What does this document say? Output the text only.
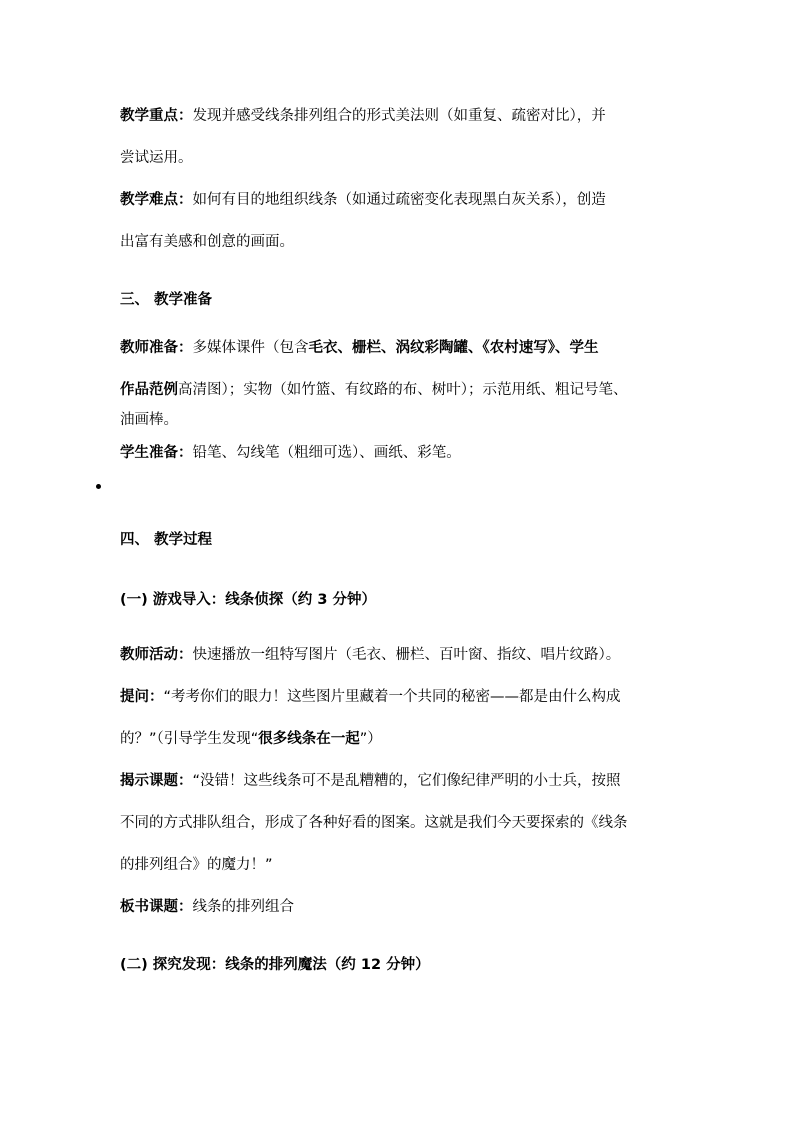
教学重点：发现并感受线条排列组合的形式美法则（如重复、疏密对比），并
尝试运用。
教学难点：如何有目的地组织线条（如通过疏密变化表现黑白灰关系），创造
出富有美感和创意的画面。
三、 教学准备
教师准备：多媒体课件（包含毛衣、栅栏、涡纹彩陶罐、《农村速写》、学生
作品范例高清图）；实物（如竹篮、有纹路的布、树叶）；示范用纸、粗记号笔、
油画棒。
学生准备：铅笔、勾线笔（粗细可选）、画纸、彩笔。
四、 教学过程
(一) 游戏导入：线条侦探（约 3 分钟）
教师活动：快速播放一组特写图片（毛衣、栅栏、百叶窗、指纹、唱片纹路）。
提问：“考考你们的眼力！这些图片里藏着一个共同的秘密——都是由什么构成
的？”（引导学生发现“很多线条在一起”）
揭示课题：“没错！这些线条可不是乱糟糟的，它们像纪律严明的小士兵，按照
不同的方式排队组合，形成了各种好看的图案。这就是我们今天要探索的《线条
的排列组合》的魔力！”
板书课题：线条的排列组合
(二) 探究发现：线条的排列魔法（约 12 分钟）
